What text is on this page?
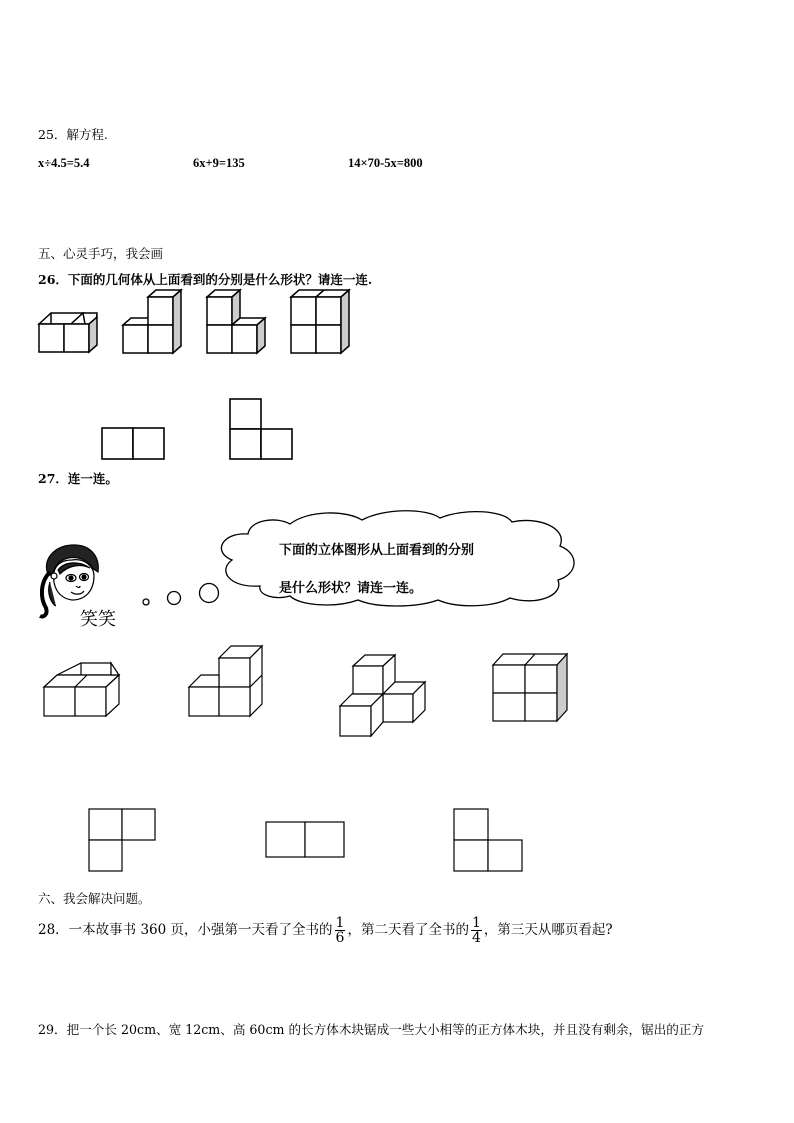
25．解方程.
x÷4.5=5.4	6x+9=135	14×70-5x=800
五、心灵手巧，我会画
26．下面的几何体从上面看到的分别是什么形状？请连一连.
27．连一连。
笑笑
下面的立体图形从上面看到的分别
是什么形状？请连一连。
六、我会解决问题。
28．一本故事书 360 页，小强第一天看了全书的 $\frac{1}{6}$ ，第二天看了全书的 $\frac{1}{4}$ ，第三天从哪页看起?
29．把一个长 20cm、宽 12cm、高 60cm 的长方体木块锯成一些大小相等的正方体木块，并且没有剩余，锯出的正方
